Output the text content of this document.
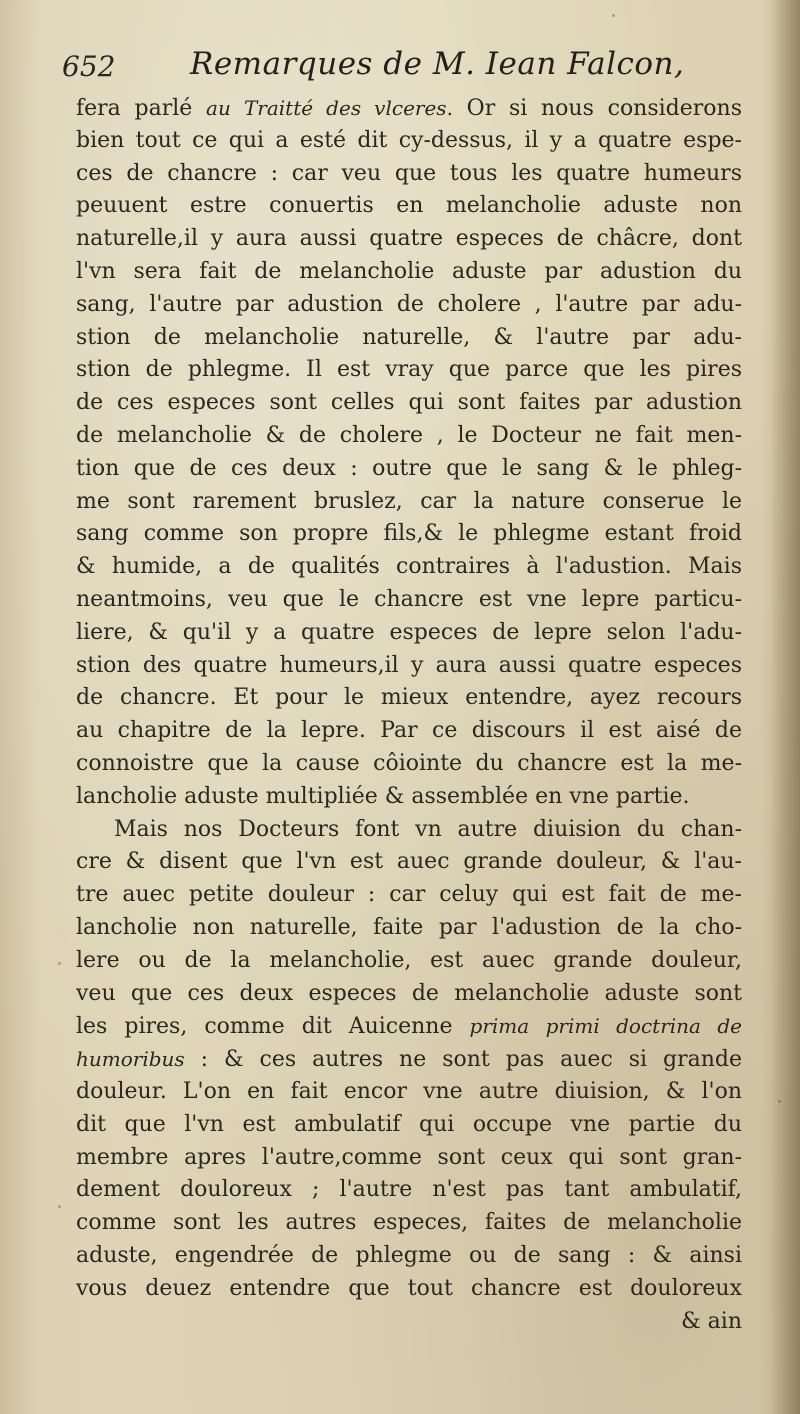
652 Remarques de M. Iean Falcon,
fera parlé au Traitté des vlceres. Or si nous considerons
bien tout ce qui a esté dit cy-dessus, il y a quatre espe-
ces de chancre : car veu que tous les quatre humeurs
peuuent estre conuertis en melancholie aduste non
naturelle,il y aura aussi quatre especes de châcre, dont
l'vn sera fait de melancholie aduste par adustion du
sang, l'autre par adustion de cholere , l'autre par adu-
stion de melancholie naturelle, & l'autre par adu-
stion de phlegme. Il est vray que parce que les pires
de ces especes sont celles qui sont faites par adustion
de melancholie & de cholere , le Docteur ne fait men-
tion que de ces deux : outre que le sang & le phleg-
me sont rarement bruslez, car la nature conserue le
sang comme son propre fils,& le phlegme estant froid
& humide, a de qualités contraires à l'adustion. Mais
neantmoins, veu que le chancre est vne lepre particu-
liere, & qu'il y a quatre especes de lepre selon l'adu-
stion des quatre humeurs,il y aura aussi quatre especes
de chancre. Et pour le mieux entendre, ayez recours
au chapitre de la lepre. Par ce discours il est aisé de
connoistre que la cause côiointe du chancre est la me-
lancholie aduste multipliée & assemblée en vne partie.
Mais nos Docteurs font vn autre diuision du chan-
cre & disent que l'vn est auec grande douleur, & l'au-
tre auec petite douleur : car celuy qui est fait de me-
lancholie non naturelle, faite par l'adustion de la cho-
lere ou de la melancholie, est auec grande douleur,
veu que ces deux especes de melancholie aduste sont
les pires, comme dit Auicenne prima primi doctrina de
humoribus : & ces autres ne sont pas auec si grande
douleur. L'on en fait encor vne autre diuision, & l'on
dit que l'vn est ambulatif qui occupe vne partie du
membre apres l'autre,comme sont ceux qui sont gran-
dement douloreux ; l'autre n'est pas tant ambulatif,
comme sont les autres especes, faites de melancholie
aduste, engendrée de phlegme ou de sang : & ainsi
vous deuez entendre que tout chancre est douloreux
& ain
